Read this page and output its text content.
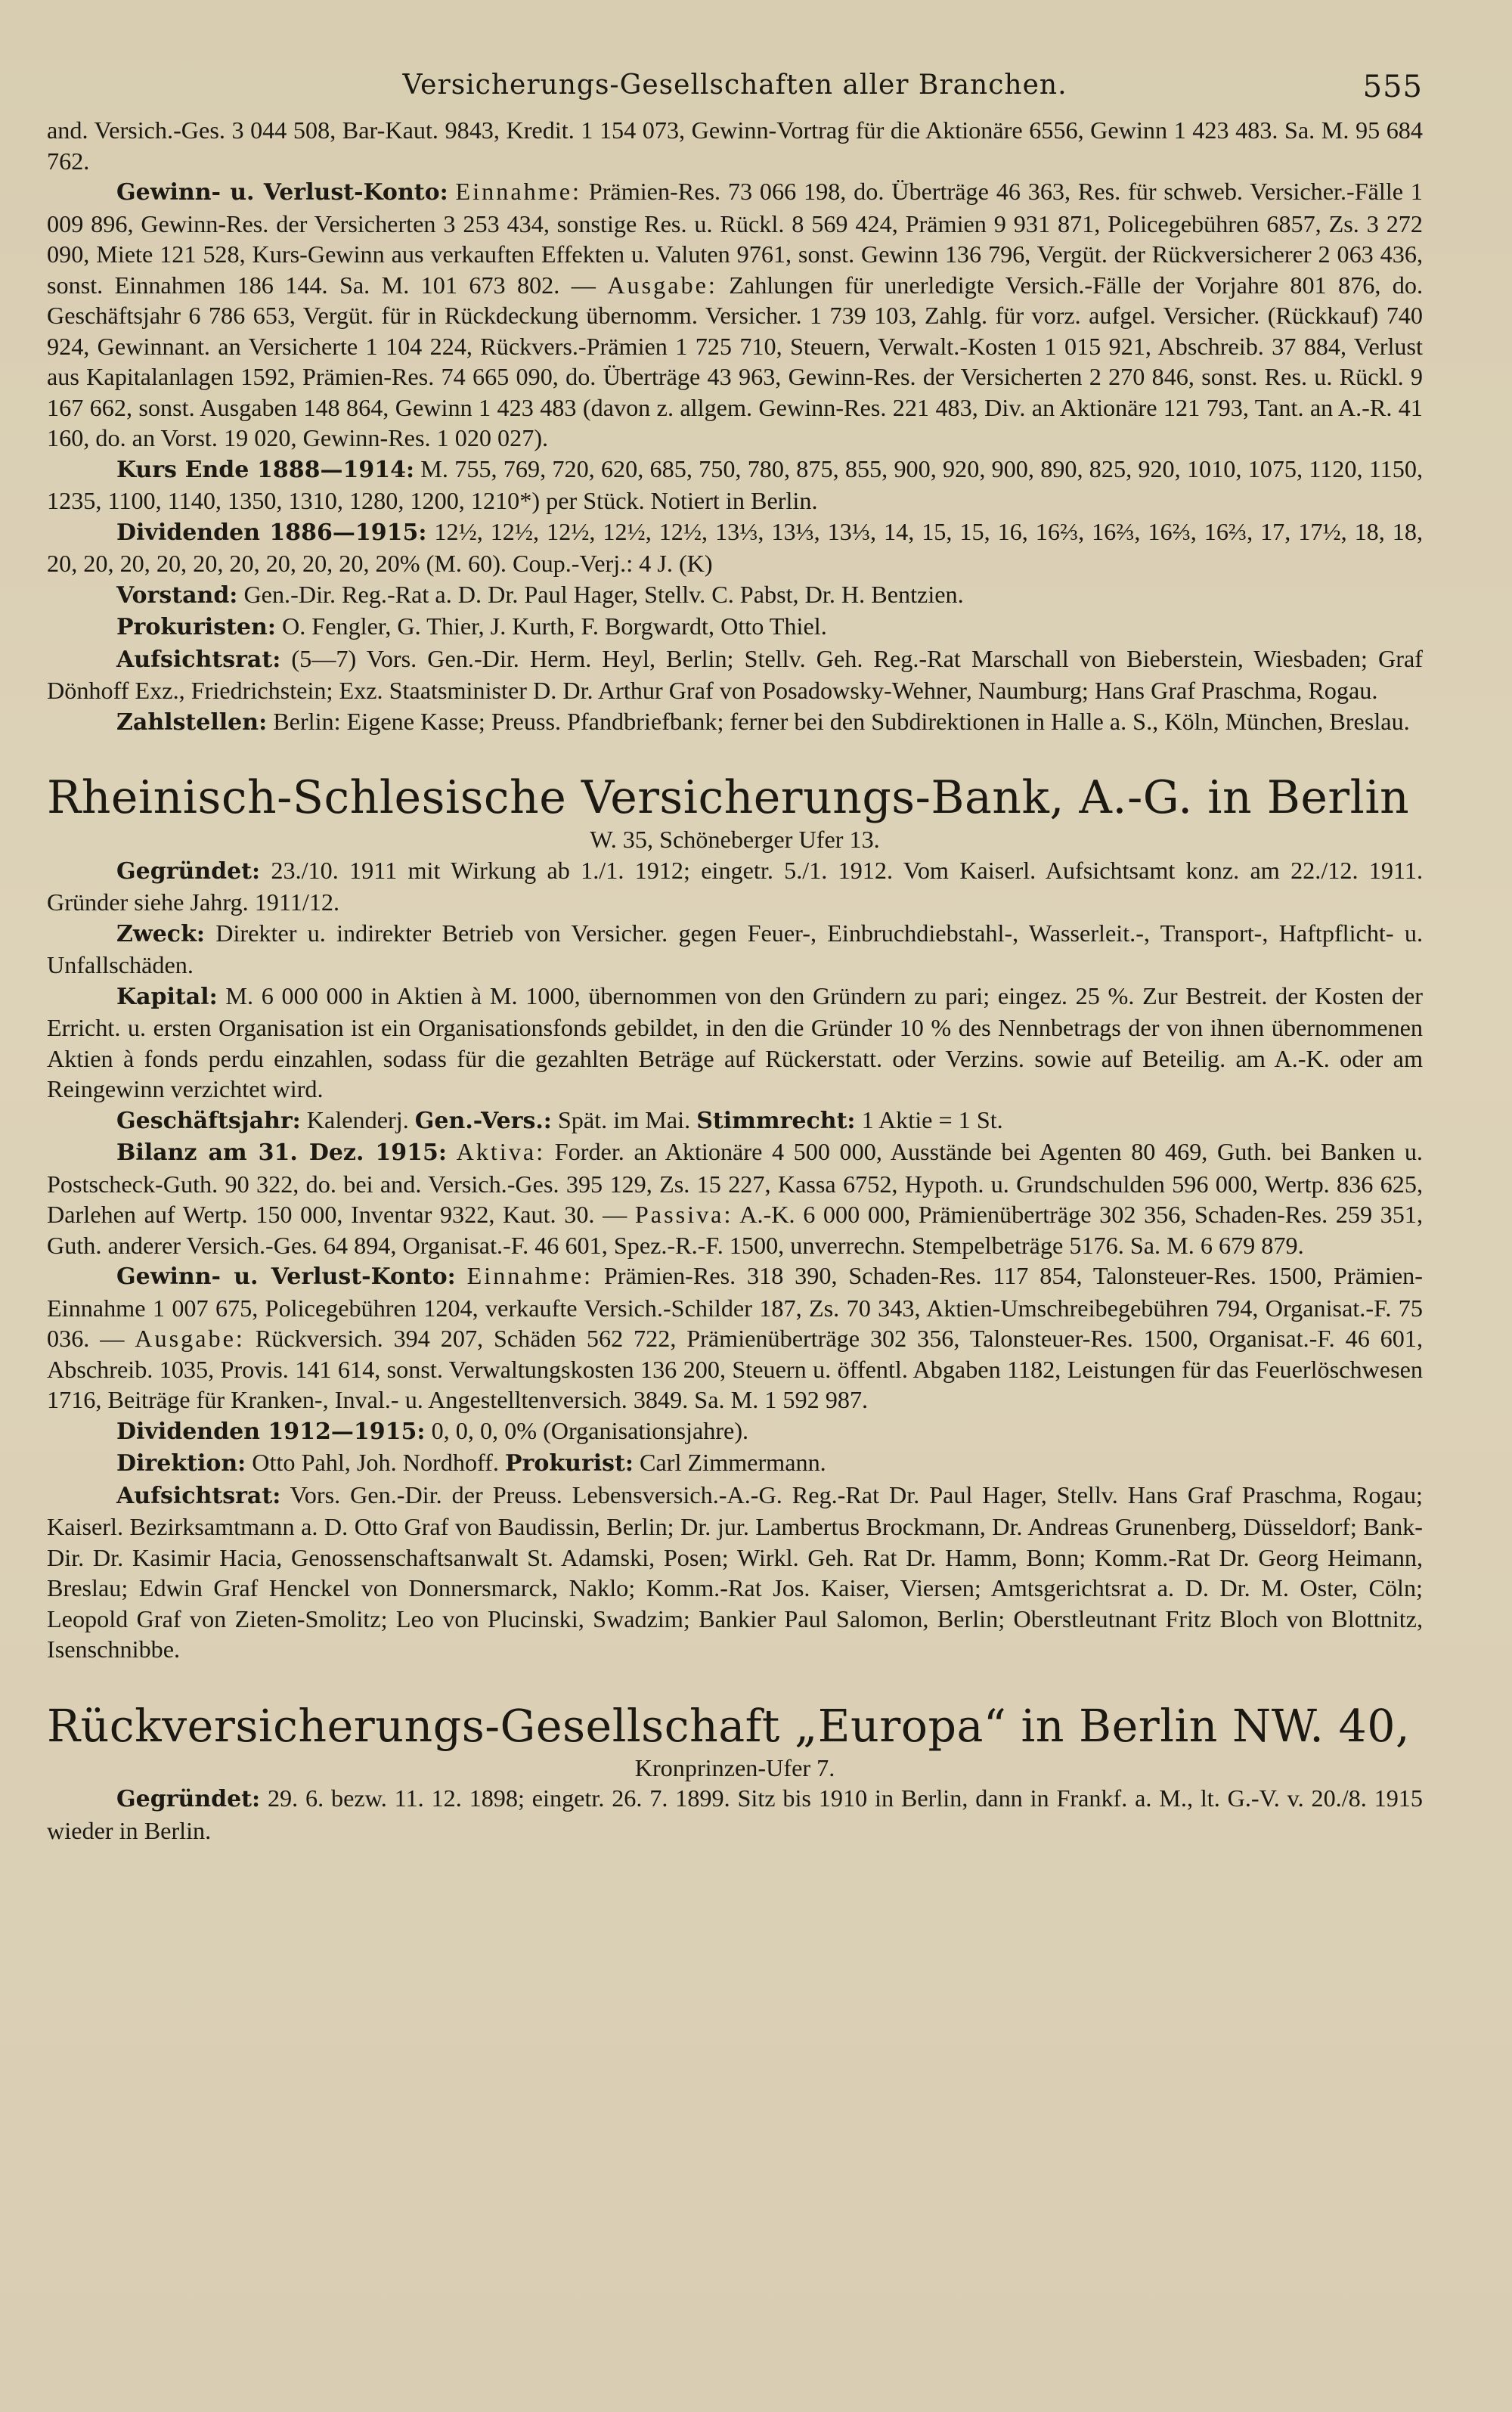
Versicherungs-Gesellschaften aller Branchen.	555

and. Versich.-Ges. 3 044 508, Bar-Kaut. 9843, Kredit. 1 154 073, Gewinn-Vortrag für die Aktionäre 6556, Gewinn 1 423 483. Sa. M. 95 684 762.

Gewinn- u. Verlust-Konto: Einnahme: Prämien-Res. 73 066 198, do. Überträge 46 363, Res. für schweb. Versicher.-Fälle 1 009 896, Gewinn-Res. der Versicherten 3 253 434, sonstige Res. u. Rückl. 8 569 424, Prämien 9 931 871, Policegebühren 6857, Zs. 3 272 090, Miete 121 528, Kurs-Gewinn aus verkauften Effekten u. Valuten 9761, sonst. Gewinn 136 796, Vergüt. der Rückversicherer 2 063 436, sonst. Einnahmen 186 144. Sa. M. 101 673 802. — Ausgabe: Zahlungen für unerledigte Versich.-Fälle der Vorjahre 801 876, do. Geschäftsjahr 6 786 653, Vergüt. für in Rückdeckung übernomm. Versicher. 1 739 103, Zahlg. für vorz. aufgel. Versicher. (Rückkauf) 740 924, Gewinnant. an Versicherte 1 104 224, Rückvers.-Prämien 1 725 710, Steuern, Verwalt.-Kosten 1 015 921, Abschreib. 37 884, Verlust aus Kapitalanlagen 1592, Prämien-Res. 74 665 090, do. Überträge 43 963, Gewinn-Res. der Versicherten 2 270 846, sonst. Res. u. Rückl. 9 167 662, sonst. Ausgaben 148 864, Gewinn 1 423 483 (davon z. allgem. Gewinn-Res. 221 483, Div. an Aktionäre 121 793, Tant. an A.-R. 41 160, do. an Vorst. 19 020, Gewinn-Res. 1 020 027).

Kurs Ende 1888—1914: M. 755, 769, 720, 620, 685, 750, 780, 875, 855, 900, 920, 900, 890, 825, 920, 1010, 1075, 1120, 1150, 1235, 1100, 1140, 1350, 1310, 1280, 1200, 1210*) per Stück. Notiert in Berlin.

Dividenden 1886—1915: 12½, 12½, 12½, 12½, 12½, 13⅓, 13⅓, 13⅓, 14, 15, 15, 16, 16⅔, 16⅔, 16⅔, 16⅔, 17, 17½, 18, 18, 20, 20, 20, 20, 20, 20, 20, 20, 20, 20% (M. 60). Coup.-Verj.: 4 J. (K)

Vorstand: Gen.-Dir. Reg.-Rat a. D. Dr. Paul Hager, Stellv. C. Pabst, Dr. H. Bentzien.

Prokuristen: O. Fengler, G. Thier, J. Kurth, F. Borgwardt, Otto Thiel.

Aufsichtsrat: (5—7) Vors. Gen.-Dir. Herm. Heyl, Berlin; Stellv. Geh. Reg.-Rat Marschall von Bieberstein, Wiesbaden; Graf Dönhoff Exz., Friedrichstein; Exz. Staatsminister D. Dr. Arthur Graf von Posadowsky-Wehner, Naumburg; Hans Graf Praschma, Rogau.

Zahlstellen: Berlin: Eigene Kasse; Preuss. Pfandbriefbank; ferner bei den Subdirektionen in Halle a. S., Köln, München, Breslau.

Rheinisch-Schlesische Versicherungs-Bank, A.-G. in Berlin

W. 35, Schöneberger Ufer 13.

Gegründet: 23./10. 1911 mit Wirkung ab 1./1. 1912; eingetr. 5./1. 1912. Vom Kaiserl. Aufsichtsamt konz. am 22./12. 1911. Gründer siehe Jahrg. 1911/12.

Zweck: Direkter u. indirekter Betrieb von Versicher. gegen Feuer-, Einbruchdiebstahl-, Wasserleit.-, Transport-, Haftpflicht- u. Unfallschäden.

Kapital: M. 6 000 000 in Aktien à M. 1000, übernommen von den Gründern zu pari; eingez. 25 %. Zur Bestreit. der Kosten der Erricht. u. ersten Organisation ist ein Organisationsfonds gebildet, in den die Gründer 10 % des Nennbetrags der von ihnen übernommenen Aktien à fonds perdu einzahlen, sodass für die gezahlten Beträge auf Rückerstatt. oder Verzins. sowie auf Beteilig. am A.-K. oder am Reingewinn verzichtet wird.

Geschäftsjahr: Kalenderj. Gen.-Vers.: Spät. im Mai. Stimmrecht: 1 Aktie = 1 St.

Bilanz am 31. Dez. 1915: Aktiva: Forder. an Aktionäre 4 500 000, Ausstände bei Agenten 80 469, Guth. bei Banken u. Postscheck-Guth. 90 322, do. bei and. Versich.-Ges. 395 129, Zs. 15 227, Kassa 6752, Hypoth. u. Grundschulden 596 000, Wertp. 836 625, Darlehen auf Wertp. 150 000, Inventar 9322, Kaut. 30. — Passiva: A.-K. 6 000 000, Prämienüberträge 302 356, Schaden-Res. 259 351, Guth. anderer Versich.-Ges. 64 894, Organisat.-F. 46 601, Spez.-R.-F. 1500, unverrechn. Stempelbeträge 5176. Sa. M. 6 679 879.

Gewinn- u. Verlust-Konto: Einnahme: Prämien-Res. 318 390, Schaden-Res. 117 854, Talonsteuer-Res. 1500, Prämien-Einnahme 1 007 675, Policegebühren 1204, verkaufte Versich.-Schilder 187, Zs. 70 343, Aktien-Umschreibegebühren 794, Organisat.-F. 75 036. — Ausgabe: Rückversich. 394 207, Schäden 562 722, Prämienüberträge 302 356, Talonsteuer-Res. 1500, Organisat.-F. 46 601, Abschreib. 1035, Provis. 141 614, sonst. Verwaltungskosten 136 200, Steuern u. öffentl. Abgaben 1182, Leistungen für das Feuerlöschwesen 1716, Beiträge für Kranken-, Inval.- u. Angestelltenversich. 3849. Sa. M. 1 592 987.

Dividenden 1912—1915: 0, 0, 0, 0% (Organisationsjahre).

Direktion: Otto Pahl, Joh. Nordhoff. Prokurist: Carl Zimmermann.

Aufsichtsrat: Vors. Gen.-Dir. der Preuss. Lebensversich.-A.-G. Reg.-Rat Dr. Paul Hager, Stellv. Hans Graf Praschma, Rogau; Kaiserl. Bezirksamtmann a. D. Otto Graf von Baudissin, Berlin; Dr. jur. Lambertus Brockmann, Dr. Andreas Grunenberg, Düsseldorf; Bank-Dir. Dr. Kasimir Hacia, Genossenschaftsanwalt St. Adamski, Posen; Wirkl. Geh. Rat Dr. Hamm, Bonn; Komm.-Rat Dr. Georg Heimann, Breslau; Edwin Graf Henckel von Donnersmarck, Naklo; Komm.-Rat Jos. Kaiser, Viersen; Amtsgerichtsrat a. D. Dr. M. Oster, Cöln; Leopold Graf von Zieten-Smolitz; Leo von Plucinski, Swadzim; Bankier Paul Salomon, Berlin; Oberstleutnant Fritz Bloch von Blottnitz, Isenschnibbe.

Rückversicherungs-Gesellschaft „Europa“ in Berlin NW. 40,

Kronprinzen-Ufer 7.

Gegründet: 29. 6. bezw. 11. 12. 1898; eingetr. 26. 7. 1899. Sitz bis 1910 in Berlin, dann in Frankf. a. M., lt. G.-V. v. 20./8. 1915 wieder in Berlin.
